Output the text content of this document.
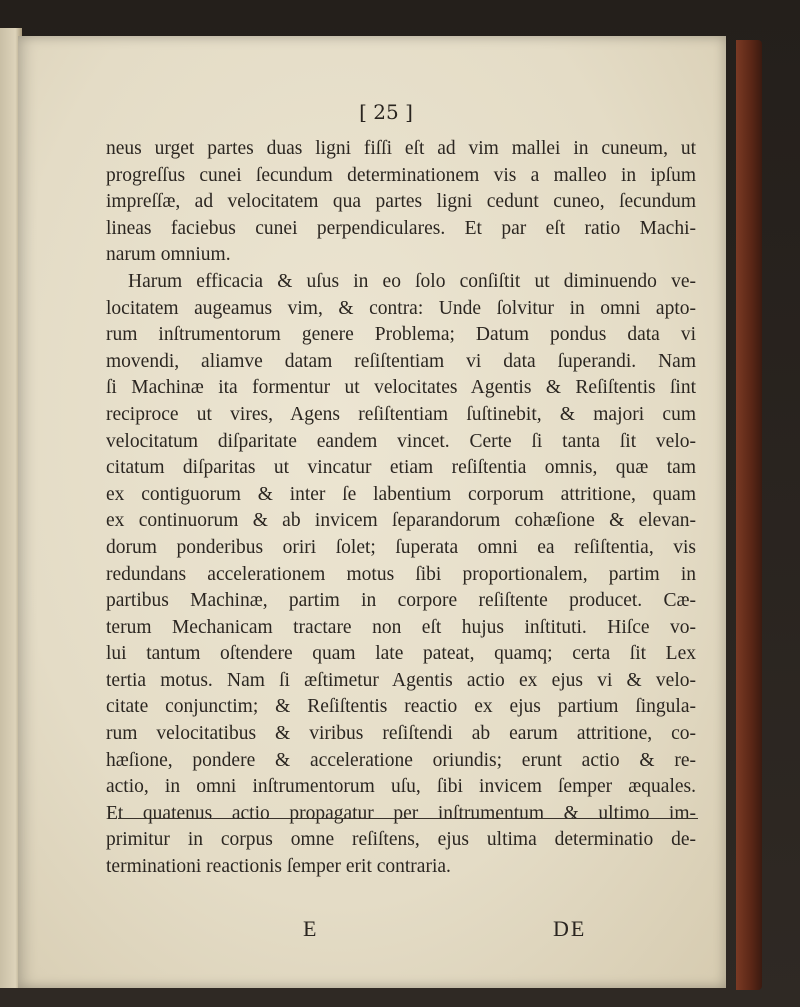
[ 25 ]
neus urget partes duas ligni fiſſi eſt ad vim mallei in cuneum, ut
progreſſus cunei ſecundum determinationem vis a malleo in ipſum
impreſſæ, ad velocitatem qua partes ligni cedunt cuneo, ſecundum
lineas faciebus cunei perpendiculares. Et par eſt ratio Machi-
narum omnium.
Harum efficacia & uſus in eo ſolo conſiſtit ut diminuendo ve-
locitatem augeamus vim, & contra: Unde ſolvitur in omni apto-
rum inſtrumentorum genere Problema; Datum pondus data vi
movendi, aliamve datam reſiſtentiam vi data ſuperandi. Nam
ſi Machinæ ita formentur ut velocitates Agentis & Reſiſtentis ſint
reciproce ut vires, Agens reſiſtentiam ſuſtinebit, & majori cum
velocitatum diſparitate eandem vincet. Certe ſi tanta ſit velo-
citatum diſparitas ut vincatur etiam reſiſtentia omnis, quæ tam
ex contiguorum & inter ſe labentium corporum attritione, quam
ex continuorum & ab invicem ſeparandorum cohæſione & elevan-
dorum ponderibus oriri ſolet; ſuperata omni ea reſiſtentia, vis
redundans accelerationem motus ſibi proportionalem, partim in
partibus Machinæ, partim in corpore reſiſtente producet. Cæ-
terum Mechanicam tractare non eſt hujus inſtituti. Hiſce vo-
lui tantum oſtendere quam late pateat, quamq; certa ſit Lex
tertia motus. Nam ſi æſtimetur Agentis actio ex ejus vi & velo-
citate conjunctim; & Reſiſtentis reactio ex ejus partium ſingula-
rum velocitatibus & viribus reſiſtendi ab earum attritione, co-
hæſione, pondere & acceleratione oriundis; erunt actio & re-
actio, in omni inſtrumentorum uſu, ſibi invicem ſemper æquales.
Et quatenus actio propagatur per inſtrumentum & ultimo im-
primitur in corpus omne reſiſtens, ejus ultima determinatio de-
terminationi reactionis ſemper erit contraria.
E	DE
